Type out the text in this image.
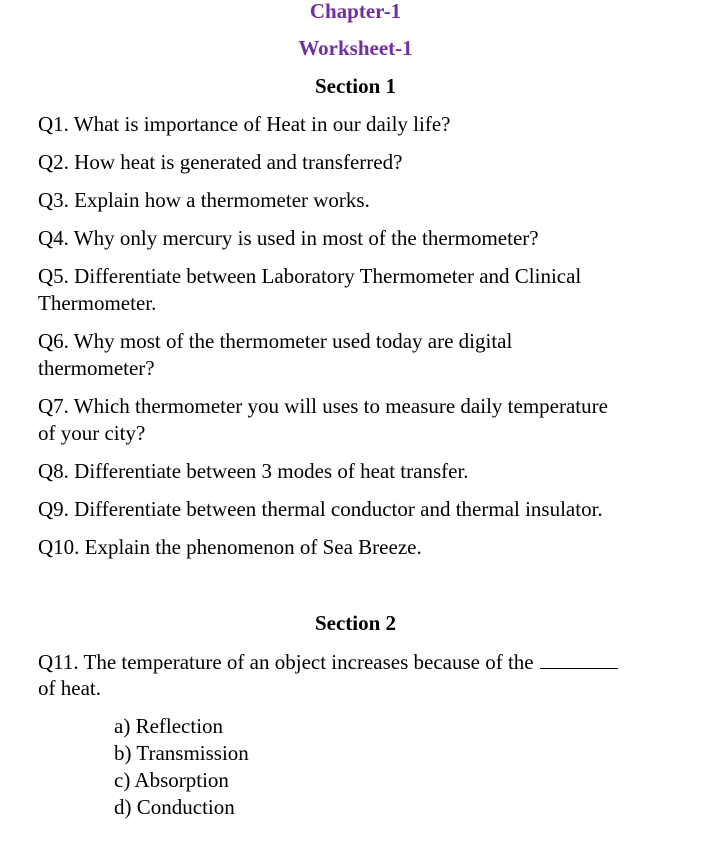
Chapter-1

Worksheet-1

Section 1

Q1. What is importance of Heat in our daily life?

Q2. How heat is generated and transferred?

Q3. Explain how a thermometer works.

Q4. Why only mercury is used in most of the thermometer?

Q5. Differentiate between Laboratory Thermometer and Clinical

Thermometer.

Q6. Why most of the thermometer used today are digital

thermometer?

Q7. Which thermometer you will uses to measure daily temperature

of your city?

Q8. Differentiate between 3 modes of heat transfer.

Q9. Differentiate between thermal conductor and thermal insulator.

Q10. Explain the phenomenon of Sea Breeze.

Section 2

Q11. The temperature of an object increases because of the

of heat.

a) Reflection

b) Transmission

c) Absorption

d) Conduction
